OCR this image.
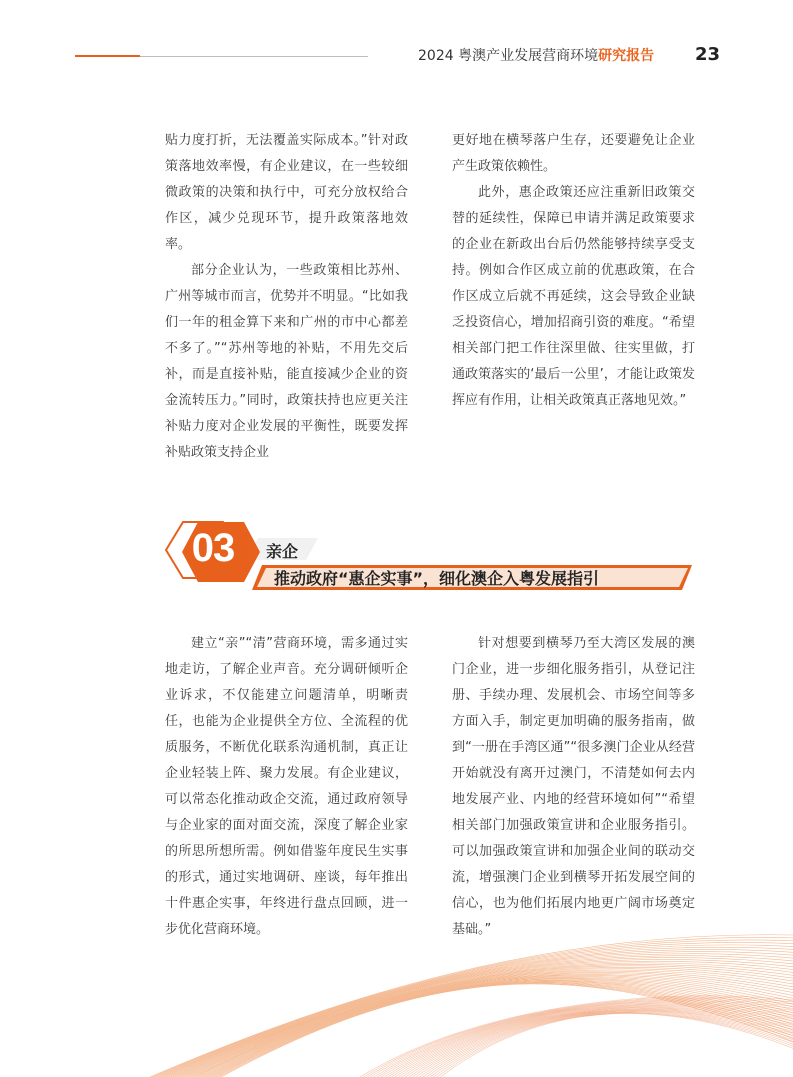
2024 粤澳产业发展营商环境研究报告 23

贴力度打折，无法覆盖实际成本。”针对政策落地效率慢，有企业建议，在一些较细微政策的决策和执行中，可充分放权给合作区，减少兑现环节，提升政策落地效率。

部分企业认为，一些政策相比苏州、广州等城市而言，优势并不明显。“比如我们一年的租金算下来和广州的市中心都差不多了。”“苏州等地的补贴，不用先交后补，而是直接补贴，能直接减少企业的资金流转压力。”同时，政策扶持也应更关注补贴力度对企业发展的平衡性，既要发挥补贴政策支持企业

更好地在横琴落户生存，还要避免让企业产生政策依赖性。

此外，惠企政策还应注重新旧政策交替的延续性，保障已申请并满足政策要求的企业在新政出台后仍然能够持续享受支持。例如合作区成立前的优惠政策，在合作区成立后就不再延续，这会导致企业缺乏投资信心，增加招商引资的难度。“希望相关部门把工作往深里做、往实里做，打通政策落实的‘最后一公里’，才能让政策发挥应有作用，让相关政策真正落地见效。”

03	亲企
推动政府“惠企实事”，细化澳企入粤发展指引

建立“亲”“清”营商环境，需多通过实地走访，了解企业声音。充分调研倾听企业诉求，不仅能建立问题清单，明晰责任，也能为企业提供全方位、全流程的优质服务，不断优化联系沟通机制，真正让企业轻装上阵、聚力发展。有企业建议，可以常态化推动政企交流，通过政府领导与企业家的面对面交流，深度了解企业家的所思所想所需。例如借鉴年度民生实事的形式，通过实地调研、座谈，每年推出十件惠企实事，年终进行盘点回顾，进一步优化营商环境。

针对想要到横琴乃至大湾区发展的澳门企业，进一步细化服务指引，从登记注册、手续办理、发展机会、市场空间等多方面入手，制定更加明确的服务指南，做到“一册在手湾区通”“很多澳门企业从经营开始就没有离开过澳门，不清楚如何去内地发展产业、内地的经营环境如何”“希望相关部门加强政策宣讲和企业服务指引。可以加强政策宣讲和加强企业间的联动交流，增强澳门企业到横琴开拓发展空间的信心，也为他们拓展内地更广阔市场奠定基础。”
